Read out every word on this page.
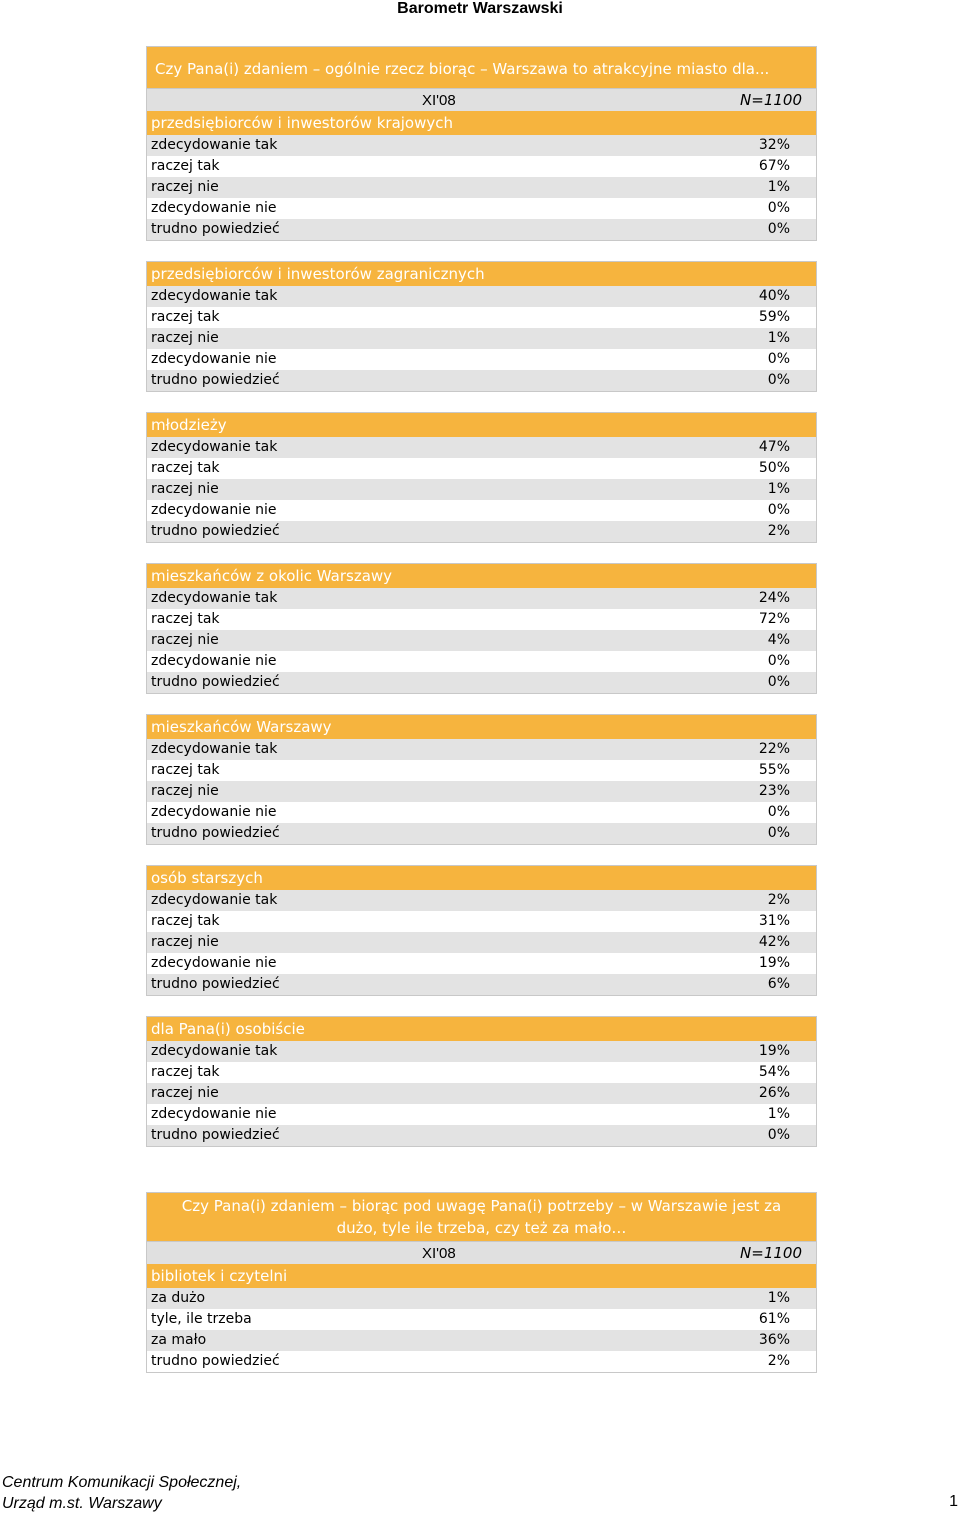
Barometr Warszawski
Czy Pana(i) zdaniem – ogólnie rzecz biorąc – Warszawa to atrakcyjne miasto dla...
XI'08	N=1100
przedsiębiorców i inwestorów krajowych
zdecydowanie tak	32%
raczej tak	67%
raczej nie	1%
zdecydowanie nie	0%
trudno powiedzieć	0%
przedsiębiorców i inwestorów zagranicznych
zdecydowanie tak	40%
raczej tak	59%
raczej nie	1%
zdecydowanie nie	0%
trudno powiedzieć	0%
młodzieży
zdecydowanie tak	47%
raczej tak	50%
raczej nie	1%
zdecydowanie nie	0%
trudno powiedzieć	2%
mieszkańców z okolic Warszawy
zdecydowanie tak	24%
raczej tak	72%
raczej nie	4%
zdecydowanie nie	0%
trudno powiedzieć	0%
mieszkańców Warszawy
zdecydowanie tak	22%
raczej tak	55%
raczej nie	23%
zdecydowanie nie	0%
trudno powiedzieć	0%
osób starszych
zdecydowanie tak	2%
raczej tak	31%
raczej nie	42%
zdecydowanie nie	19%
trudno powiedzieć	6%
dla Pana(i) osobiście
zdecydowanie tak	19%
raczej tak	54%
raczej nie	26%
zdecydowanie nie	1%
trudno powiedzieć	0%
Czy Pana(i) zdaniem – biorąc pod uwagę Pana(i) potrzeby – w Warszawie jest za dużo, tyle ile trzeba, czy też za mało…
XI'08	N=1100
bibliotek i czytelni
za dużo	1%
tyle, ile trzeba	61%
za mało	36%
trudno powiedzieć	2%
Centrum Komunikacji Społecznej,
Urząd m.st. Warszawy	1
